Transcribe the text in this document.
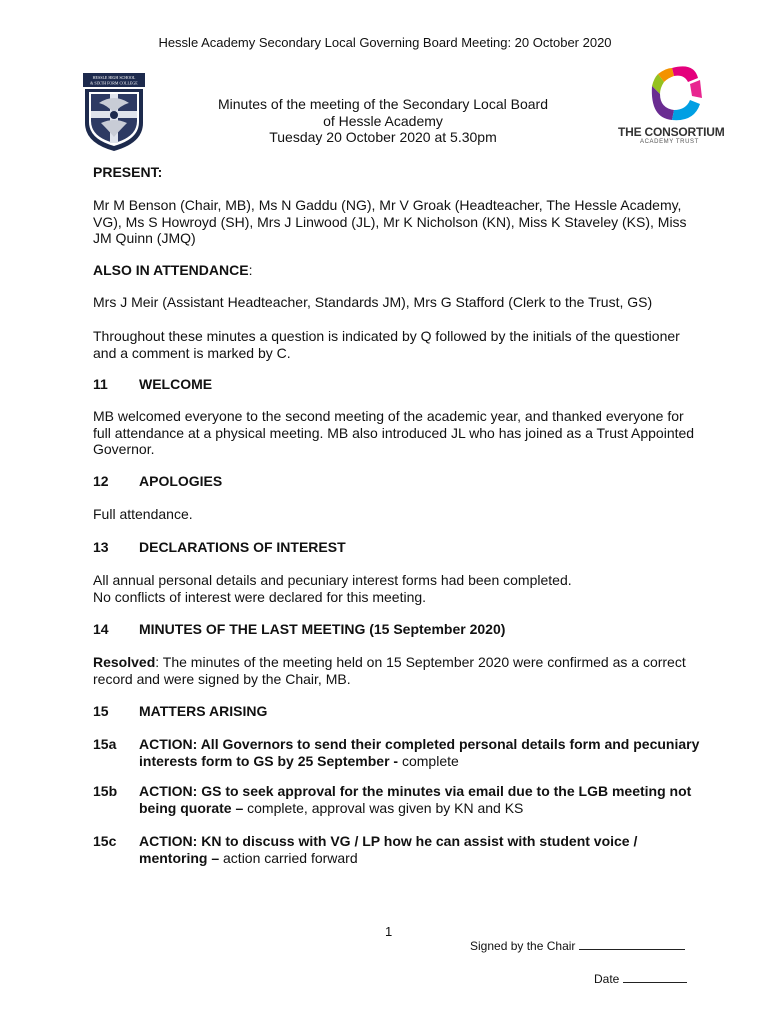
Hessle Academy Secondary Local Governing Board Meeting: 20 October 2020
HESSLE HIGH SCHOOL
& SIXTH FORM COLLEGE
THE CONSORTIUM
ACADEMY TRUST
Minutes of the meeting of the Secondary Local Board
of Hessle Academy
Tuesday 20 October 2020 at 5.30pm
PRESENT:
Mr M Benson (Chair, MB), Ms N Gaddu (NG), Mr V Groak (Headteacher, The Hessle Academy, VG), Ms S Howroyd (SH), Mrs J Linwood (JL), Mr K Nicholson (KN), Miss K Staveley (KS), Miss JM Quinn (JMQ)
ALSO IN ATTENDANCE:
Mrs J Meir (Assistant Headteacher, Standards JM), Mrs G Stafford (Clerk to the Trust, GS)
Throughout these minutes a question is indicated by Q followed by the initials of the questioner and a comment is marked by C.
11 WELCOME
MB welcomed everyone to the second meeting of the academic year, and thanked everyone for full attendance at a physical meeting. MB also introduced JL who has joined as a Trust Appointed Governor.
12 APOLOGIES
Full attendance.
13 DECLARATIONS OF INTEREST
All annual personal details and pecuniary interest forms had been completed.
No conflicts of interest were declared for this meeting.
14 MINUTES OF THE LAST MEETING (15 September 2020)
Resolved: The minutes of the meeting held on 15 September 2020 were confirmed as a correct record and were signed by the Chair, MB.
15 MATTERS ARISING
15a ACTION: All Governors to send their completed personal details form and pecuniary interests form to GS by 25 September - complete
15b ACTION: GS to seek approval for the minutes via email due to the LGB meeting not being quorate – complete, approval was given by KN and KS
15c ACTION: KN to discuss with VG / LP how he can assist with student voice / mentoring – action carried forward
1
Signed by the Chair
Date
